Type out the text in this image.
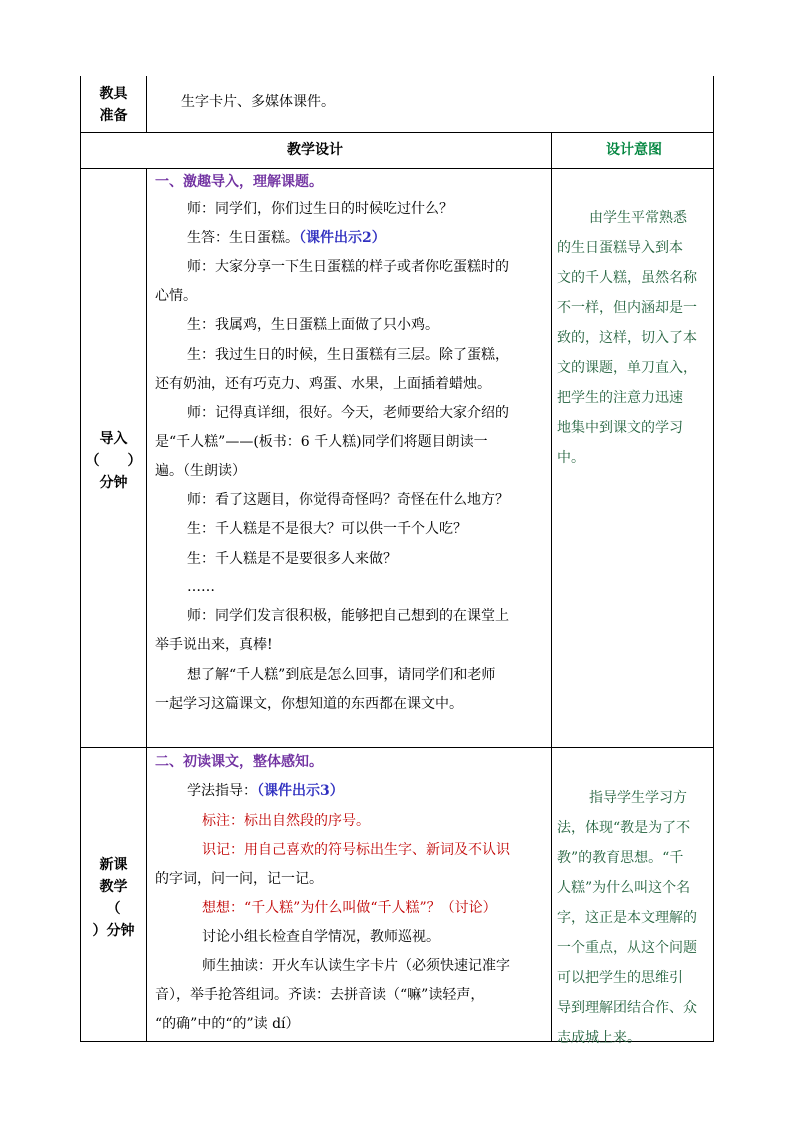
教具
准备
生字卡片、多媒体课件。
教学设计	设计意图
导入
（　　）
分钟
一、激趣导入，理解课题。
师：同学们，你们过生日的时候吃过什么？
生答：生日蛋糕。（课件出示2）
师：大家分享一下生日蛋糕的样子或者你吃蛋糕时的
心情。
生：我属鸡，生日蛋糕上面做了只小鸡。
生：我过生日的时候，生日蛋糕有三层。除了蛋糕，
还有奶油，还有巧克力、鸡蛋、水果，上面插着蜡烛。
师：记得真详细，很好。今天，老师要给大家介绍的
是“千人糕”——(板书：6 千人糕)同学们将题目朗读一
遍。（生朗读）
师：看了这题目，你觉得奇怪吗？奇怪在什么地方？
生：千人糕是不是很大？可以供一千个人吃？
生：千人糕是不是要很多人来做？
……
师：同学们发言很积极，能够把自己想到的在课堂上
举手说出来，真棒!
想了解“千人糕”到底是怎么回事，请同学们和老师
一起学习这篇课文，你想知道的东西都在课文中。
由学生平常熟悉
的生日蛋糕导入到本
文的千人糕，虽然名称
不一样，但内涵却是一
致的，这样，切入了本
文的课题，单刀直入，
把学生的注意力迅速
地集中到课文的学习
中。
新课
教学
（
）分钟
二、初读课文，整体感知。
学法指导：（课件出示3）
标注：标出自然段的序号。
识记：用自己喜欢的符号标出生字、新词及不认识
的字词，问一问，记一记。
想想：“千人糕”为什么叫做“千人糕”？（讨论）
讨论小组长检查自学情况，教师巡视。
师生抽读：开火车认读生字卡片（必须快速记准字
音），举手抢答组词。齐读：去拼音读（“嘛”读轻声，
“的确”中的“的”读 dí）
指导学生学习方
法，体现“教是为了不
教”的教育思想。“千
人糕”为什么叫这个名
字，这正是本文理解的
一个重点，从这个问题
可以把学生的思维引
导到理解团结合作、众
志成城上来。
